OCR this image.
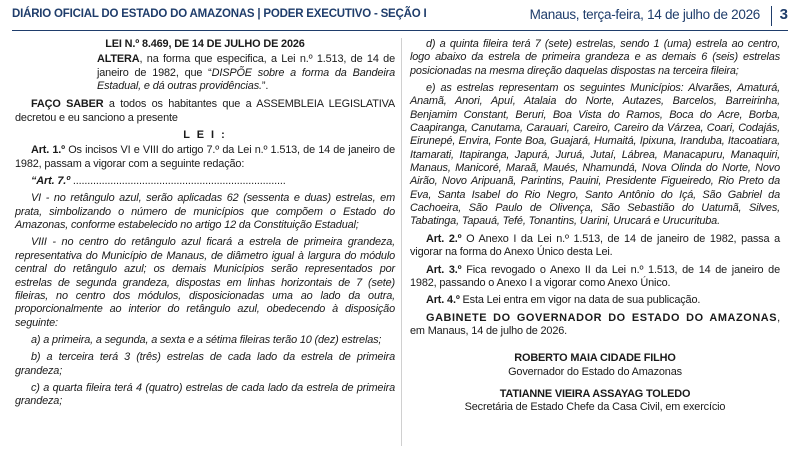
DIÁRIO OFICIAL DO ESTADO DO AMAZONAS | PODER EXECUTIVO - SEÇÃO I	Manaus, terça-feira, 14 de julho de 2026 3

LEI N.º 8.469, DE 14 DE JULHO DE 2026

ALTERA, na forma que especifica, a Lei n.º 1.513, de 14 de janeiro de 1982, que “DISPÕE sobre a forma da Bandeira Estadual, e dá outras providências.”.

FAÇO SABER a todos os habitantes que a ASSEMBLEIA LEGISLATIVA decretou e eu sanciono a presente

L E I :

Art. 1.º Os incisos VI e VIII do artigo 7.º da Lei n.º 1.513, de 14 de janeiro de 1982, passam a vigorar com a seguinte redação:

“Art. 7.º ..........................................................................

VI - no retângulo azul, serão aplicadas 62 (sessenta e duas) estrelas, em prata, simbolizando o número de municípios que compõem o Estado do Amazonas, conforme estabelecido no artigo 12 da Constituição Estadual;

VIII - no centro do retângulo azul ficará a estrela de primeira grandeza, representativa do Município de Manaus, de diâmetro igual à largura do módulo central do retângulo azul; os demais Municípios serão representados por estrelas de segunda grandeza, dispostas em linhas horizontais de 7 (sete) fileiras, no centro dos módulos, disposicionadas uma ao lado da outra, proporcionalmente ao interior do retângulo azul, obedecendo à disposição seguinte:

a) a primeira, a segunda, a sexta e a sétima fileiras terão 10 (dez) estrelas;

b) a terceira terá 3 (três) estrelas de cada lado da estrela de primeira grandeza;

c) a quarta fileira terá 4 (quatro) estrelas de cada lado da estrela de primeira grandeza;

d) a quinta fileira terá 7 (sete) estrelas, sendo 1 (uma) estrela ao centro, logo abaixo da estrela de primeira grandeza e as demais 6 (seis) estrelas posicionadas na mesma direção daquelas dispostas na terceira fileira;

e) as estrelas representam os seguintes Municípios: Alvarães, Amaturá, Anamã, Anori, Apuí, Atalaia do Norte, Autazes, Barcelos, Barreirinha, Benjamim Constant, Beruri, Boa Vista do Ramos, Boca do Acre, Borba, Caapiranga, Canutama, Carauari, Careiro, Careiro da Várzea, Coari, Codajás, Eirunepé, Envira, Fonte Boa, Guajará, Humaitá, Ipixuna, Iranduba, Itacoatiara, Itamarati, Itapiranga, Japurá, Juruá, Jutaí, Lábrea, Manacapuru, Manaquiri, Manaus, Manicoré, Maraã, Maués, Nhamundá, Nova Olinda do Norte, Novo Airão, Novo Aripuanã, Parintins, Pauini, Presidente Figueiredo, Rio Preto da Eva, Santa Isabel do Rio Negro, Santo Antônio do Içá, São Gabriel da Cachoeira, São Paulo de Olivença, São Sebastião do Uatumã, Silves, Tabatinga, Tapauá, Tefé, Tonantins, Uarini, Urucará e Urucurituba.

Art. 2.º O Anexo I da Lei n.º 1.513, de 14 de janeiro de 1982, passa a vigorar na forma do Anexo Único desta Lei.

Art. 3.º Fica revogado o Anexo II da Lei n.º 1.513, de 14 de janeiro de 1982, passando o Anexo I a vigorar como Anexo Único.

Art. 4.º Esta Lei entra em vigor na data de sua publicação.

GABINETE DO GOVERNADOR DO ESTADO DO AMAZONAS, em Manaus, 14 de julho de 2026.

ROBERTO MAIA CIDADE FILHO
Governador do Estado do Amazonas
TATIANNE VIEIRA ASSAYAG TOLEDO
Secretária de Estado Chefe da Casa Civil, em exercício
